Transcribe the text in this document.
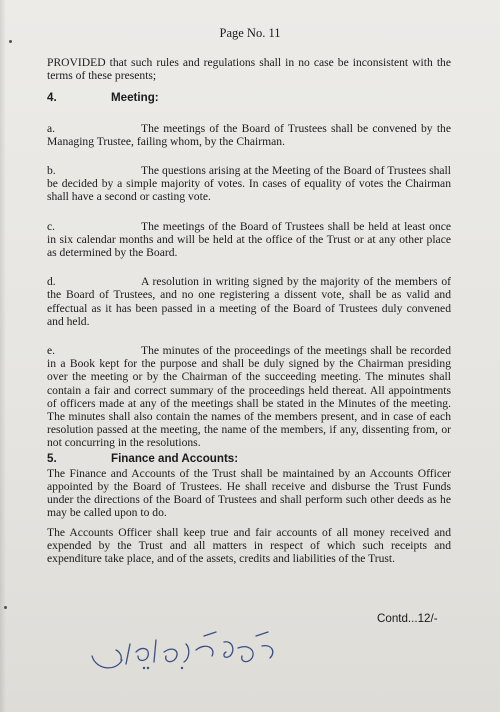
Page No. 11

PROVIDED that such rules and regulations shall in no case be inconsistent with the terms of these presents;

4.	Meeting:

a.	The meetings of the Board of Trustees shall be convened by the Managing Trustee, failing whom, by the Chairman.

b.	The questions arising at the Meeting of the Board of Trustees shall be decided by a simple majority of votes. In cases of equality of votes the Chairman shall have a second or casting vote.

c.	The meetings of the Board of Trustees shall be held at least once in six calendar months and will be held at the office of the Trust or at any other place as determined by the Board.

d.	A resolution in writing signed by the majority of the members of the Board of Trustees, and no one registering a dissent vote, shall be as valid and effectual as it has been passed in a meeting of the Board of Trustees duly convened and held.

e.	The minutes of the proceedings of the meetings shall be recorded in a Book kept for the purpose and shall be duly signed by the Chairman presiding over the meeting or by the Chairman of the succeeding meeting. The minutes shall contain a fair and correct summary of the proceedings held thereat. All appointments of officers made at any of the meetings shall be stated in the Minutes of the meeting. The minutes shall also contain the names of the members present, and in case of each resolution passed at the meeting, the name of the members, if any, dissenting from, or not concurring in the resolutions.

5.	Finance and Accounts:

The Finance and Accounts of the Trust shall be maintained by an Accounts Officer appointed by the Board of Trustees. He shall receive and disburse the Trust Funds under the directions of the Board of Trustees and shall perform such other deeds as he may be called upon to do.

The Accounts Officer shall keep true and fair accounts of all money received and expended by the Trust and all matters in respect of which such receipts and expenditure take place, and of the assets, credits and liabilities of the Trust.

Contd...12/-
